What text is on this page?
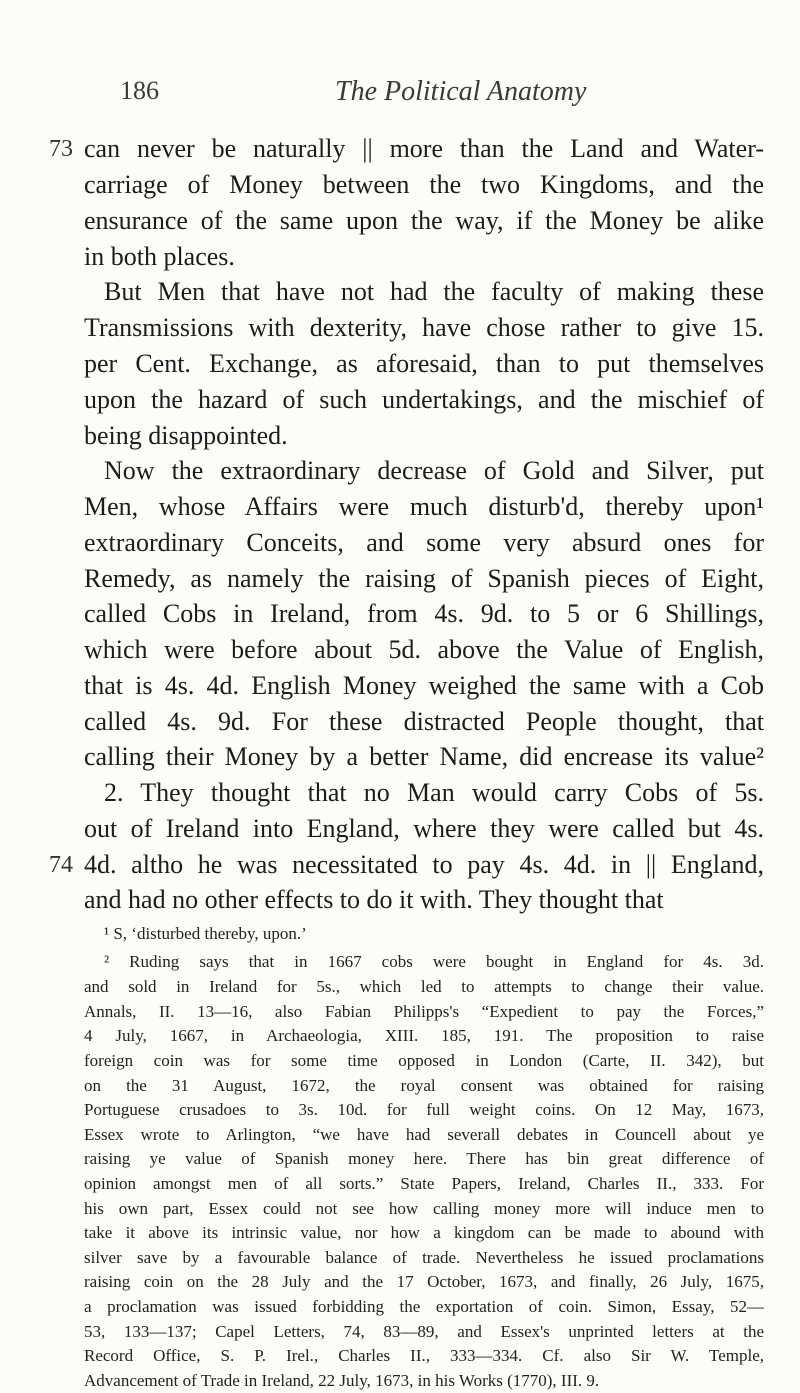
186	The Political Anatomy
can never be naturally || more than the Land and Water-
carriage of Money between the two Kingdoms, and the
ensurance of the same upon the way, if the Money be alike
in both places.
But Men that have not had the faculty of making these
Transmissions with dexterity, have chose rather to give 15.
per Cent. Exchange, as aforesaid, than to put themselves
upon the hazard of such undertakings, and the mischief of
being disappointed.
Now the extraordinary decrease of Gold and Silver, put
Men, whose Affairs were much disturb'd, thereby upon¹
extraordinary Conceits, and some very absurd ones for
Remedy, as namely the raising of Spanish pieces of Eight,
called Cobs in Ireland, from 4s. 9d. to 5 or 6 Shillings,
which were before about 5d. above the Value of English,
that is 4s. 4d. English Money weighed the same with a Cob
called 4s. 9d. For these distracted People thought, that
calling their Money by a better Name, did encrease its value²
2. They thought that no Man would carry Cobs of 5s.
out of Ireland into England, where they were called but 4s.
4d. altho he was necessitated to pay 4s. 4d. in || England,
and had no other effects to do it with. They thought that
73
74
¹ S, ‘disturbed thereby, upon.’
² Ruding says that in 1667 cobs were bought in England for 4s. 3d.
and sold in Ireland for 5s., which led to attempts to change their value.
Annals, II. 13—16, also Fabian Philipps's “Expedient to pay the Forces,”
4 July, 1667, in Archaeologia, XIII. 185, 191. The proposition to raise
foreign coin was for some time opposed in London (Carte, II. 342), but
on the 31 August, 1672, the royal consent was obtained for raising
Portuguese crusadoes to 3s. 10d. for full weight coins. On 12 May, 1673,
Essex wrote to Arlington, “we have had severall debates in Councell about ye
raising ye value of Spanish money here. There has bin great difference of
opinion amongst men of all sorts.” State Papers, Ireland, Charles II., 333. For
his own part, Essex could not see how calling money more will induce men to
take it above its intrinsic value, nor how a kingdom can be made to abound with
silver save by a favourable balance of trade. Nevertheless he issued proclamations
raising coin on the 28 July and the 17 October, 1673, and finally, 26 July, 1675,
a proclamation was issued forbidding the exportation of coin. Simon, Essay, 52—
53, 133—137; Capel Letters, 74, 83—89, and Essex's unprinted letters at the
Record Office, S. P. Irel., Charles II., 333—334. Cf. also Sir W. Temple,
Advancement of Trade in Ireland, 22 July, 1673, in his Works (1770), III. 9.
